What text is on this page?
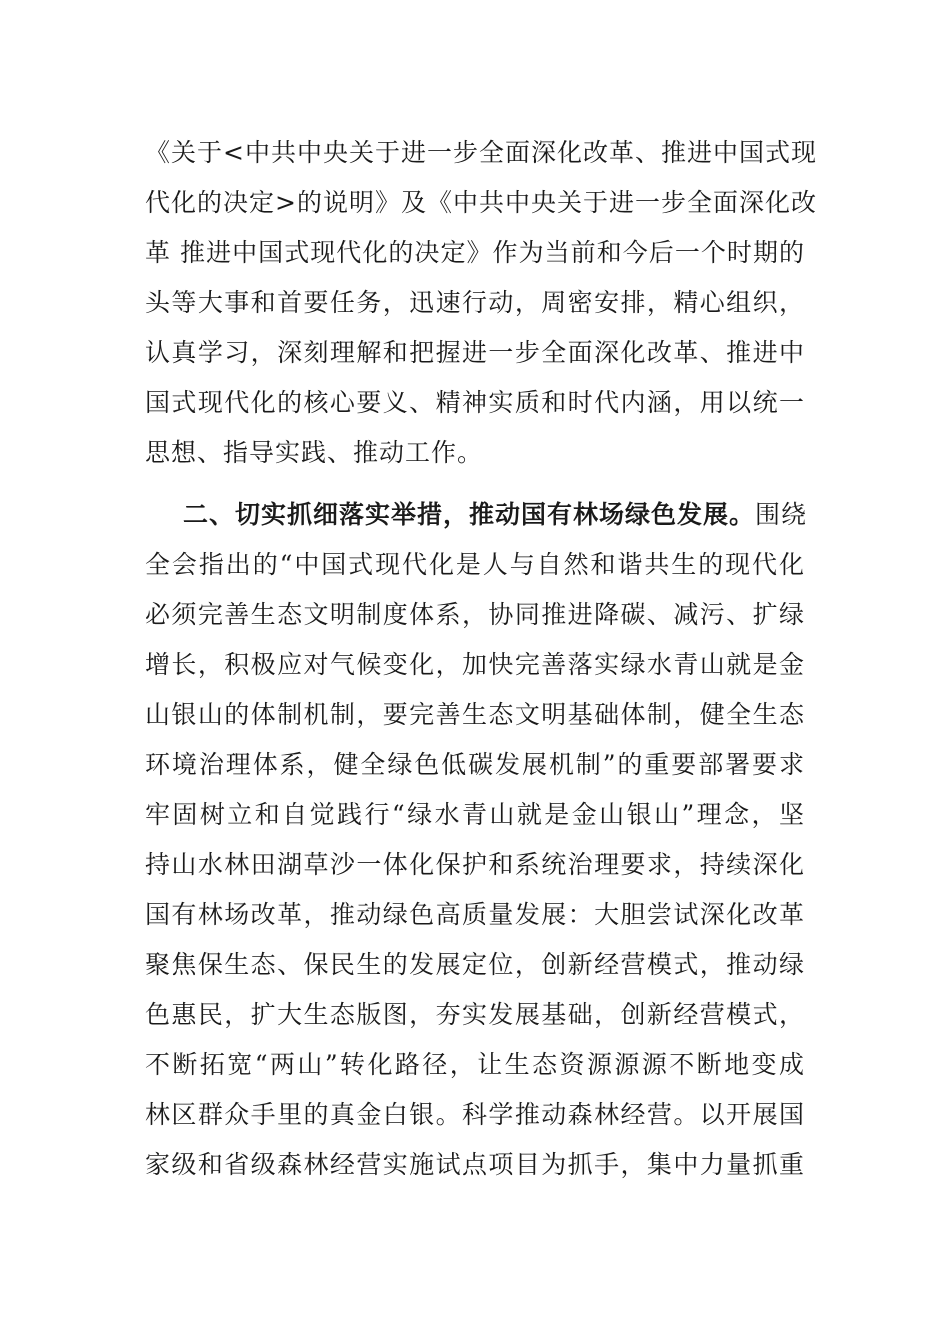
《关于<中共中央关于进一步全面深化改革、推进中国式现
代化的决定>的说明》及《中共中央关于进一步全面深化改
革 推进中国式现代化的决定》作为当前和今后一个时期的
头等大事和首要任务，迅速行动，周密安排，精心组织，
认真学习，深刻理解和把握进一步全面深化改革、推进中
国式现代化的核心要义、精神实质和时代内涵，用以统一
思想、指导实践、推动工作。
二、切实抓细落实举措，推动国有林场绿色发展。围绕
全会指出的“中国式现代化是人与自然和谐共生的现代化
必须完善生态文明制度体系，协同推进降碳、减污、扩绿
增长，积极应对气候变化，加快完善落实绿水青山就是金
山银山的体制机制，要完善生态文明基础体制，健全生态
环境治理体系，健全绿色低碳发展机制”的重要部署要求
牢固树立和自觉践行“绿水青山就是金山银山”理念，坚
持山水林田湖草沙一体化保护和系统治理要求，持续深化
国有林场改革，推动绿色高质量发展：大胆尝试深化改革
聚焦保生态、保民生的发展定位，创新经营模式，推动绿
色惠民，扩大生态版图，夯实发展基础，创新经营模式，
不断拓宽“两山”转化路径，让生态资源源源不断地变成
林区群众手里的真金白银。科学推动森林经营。以开展国
家级和省级森林经营实施试点项目为抓手，集中力量抓重
